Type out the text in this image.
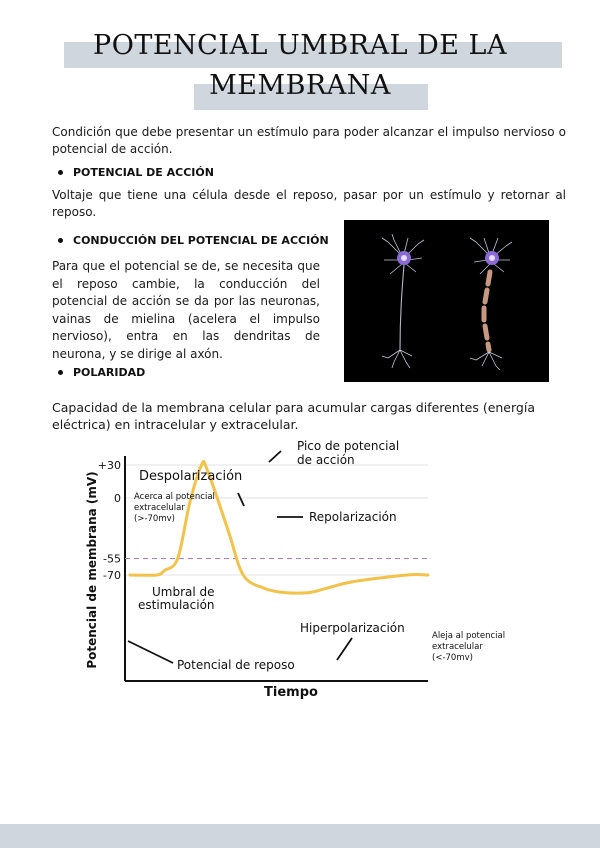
POTENCIAL UMBRAL DE LA
MEMBRANA
Condición que debe presentar un estímulo para poder alcanzar el impulso nervioso o potencial de acción.
POTENCIAL DE ACCIÓN
Voltaje que tiene una célula desde el reposo, pasar por un estímulo y retornar al reposo.
CONDUCCIÓN DEL POTENCIAL DE ACCIÓN
Para que el potencial se de, se necesita que el reposo cambie, la conducción del potencial de acción se da por las neuronas, vainas de mielina (acelera el impulso nervioso), entra en las dendritas de neurona, y se dirige al axón.
POLARIDAD
Capacidad de la membrana celular para acumular cargas diferentes (energía eléctrica) en intracelular y extracelular.
+30
0
-55
-70
Potencial de membrana (mV)
Tiempo
Pico de potencial de acción
Despolarización
Acerca al potencial extracelular (>-70mv)	Repolarización
Umbral de estimulación
Hiperpolarización
Aleja al potencial extracelular (<-70mv)
Potencial de reposo
